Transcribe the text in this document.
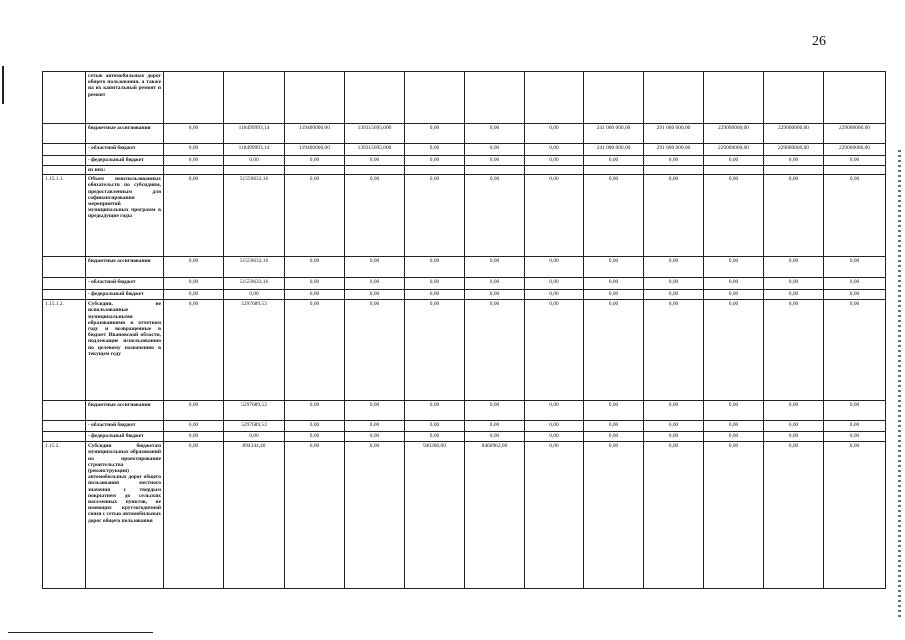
26
	сетью автомобильных дорог общего пользования, а также на их капитальный ремонт и ремонт												
	бюджетные ассигнования	0,00	118499993,14	119400000,00	139315695,000	0,00	0,00	0,00	241 000 000,00	291 000 000,00	229000000,00	229000000,00	229000000,00
	- областной бюджет	0,00	118499993,14	119400000,00	139315695,000	0,00	0,00	0,00	241 000 000,00	291 000 000,00	229000000,00	229000000,00	229000000,00
	- федеральный бюджет	0,00	0,00	0,00	0,00	0,00	0,00	0,00	0,00	0,00	0,00	0,00	0,00
	из них:												
1.15.1.1.	Объем неиспользованных обязательств по субсидиям, предоставленным для софинансирования мероприятий муниципальных программ в предыдущие годы	0,00	51559633,16	0,00	0,00	0,00	0,00	0,00	0,00	0,00	0,00	0,00	0,00
	бюджетные ассигнования	0,00	51559633,16	0,00	0,00	0,00	0,00	0,00	0,00	0,00	0,00	0,00	0,00
	- областной бюджет	0,00	51559633,16	0,00	0,00	0,00	0,00	0,00	0,00	0,00	0,00	0,00	0,00
	- федеральный бюджет	0,00	0,00	0,00	0,00	0,00	0,00	0,00	0,00	0,00	0,00	0,00	0,00
1.15.1.2.	Субсидии, не использованные муниципальными образованиями в отчетном году и возвращенные в бюджет Ивановской области, подлежащие использованию по целевому назначению в текущем году	0,00	5297689,53	0,00	0,00	0,00	0,00	0,00	0,00	0,00	0,00	0,00	0,00
	бюджетные ассигнования	0,00	5297689,53	0,00	0,00	0,00	0,00	0,00	0,00	0,00	0,00	0,00	0,00
	- областной бюджет	0,00	5297689,53	0,00	0,00	0,00	0,00	0,00	0,00	0,00	0,00	0,00	0,00
	- федеральный бюджет	0,00	0,00	0,00	0,00	0,00	0,00	0,00	0,00	0,00	0,00	0,00	0,00
1.15.2.	Субсидии бюджетам муниципальных образований на проектирование строительства (реконструкции) автомобильных дорог общего пользования местного значения с твердым покрытием до сельских населенных пунктов, не имеющих круглогодичной связи с сетью автомобильных дорог общего пользования	0,00	894344,40	0,00	0,00	940280,00	8460962,00	0,00	0,00	0,00	0,00	0,00	0,00
